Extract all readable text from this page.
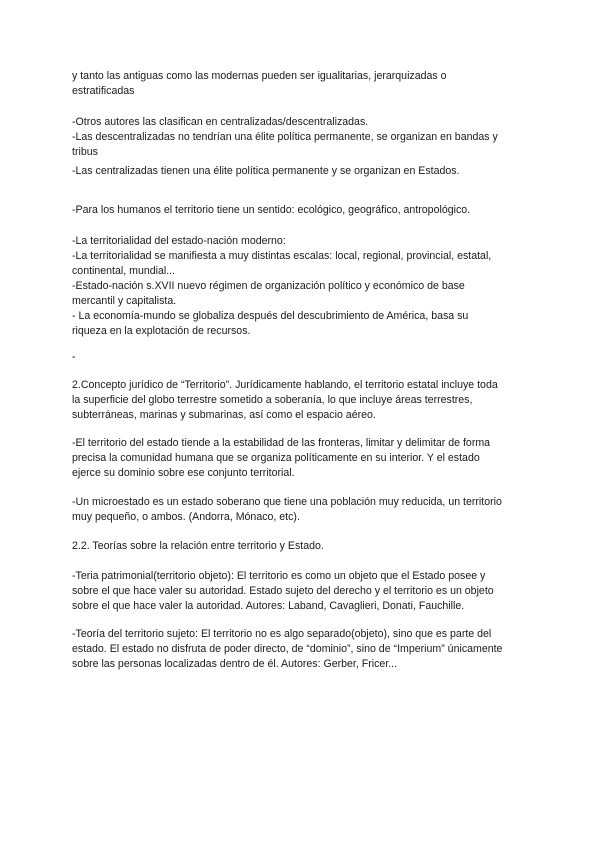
y tanto las antiguas como las modernas pueden ser igualitarias, jerarquizadas o
estratificadas
-Otros autores las clasifican en centralizadas/descentralizadas.
-Las descentralizadas no tendrían una élite política permanente, se organizan en bandas y
tribus
-Las centralizadas tienen una élite política permanente y se organizan en Estados.
-Para los humanos el territorio tiene un sentido: ecológico, geográfico, antropológico.
-La territorialidad del estado-nación moderno:
-La territorialidad se manifiesta a muy distintas escalas: local, regional, provincial, estatal,
continental, mundial...
-Estado-nación s.XVII nuevo régimen de organización político y económico de base
mercantil y capitalista.
- La economía-mundo se globaliza después del descubrimiento de América, basa su
riqueza en la explotación de recursos.
-
2.Concepto jurídico de “Territorio”. Jurídicamente hablando, el territorio estatal incluye toda
la superficie del globo terrestre sometido a soberanía, lo que incluye áreas terrestres,
subterráneas, marinas y submarinas, así como el espacio aéreo.
-El territorio del estado tiende a la estabilidad de las fronteras, limitar y delimitar de forma
precisa la comunidad humana que se organiza políticamente en su interior. Y el estado
ejerce su dominio sobre ese conjunto territorial.
-Un microestado es un estado soberano que tiene una población muy reducida, un territorio
muy pequeño, o ambos. (Andorra, Mónaco, etc).
2.2. Teorías sobre la relación entre territorio y Estado.
-Teria patrimonial(territorio objeto): El territorio es como un objeto que el Estado posee y
sobre el que hace valer su autoridad. Estado sujeto del derecho y el territorio es un objeto
sobre el que hace valer la autoridad. Autores: Laband, Cavaglieri, Donati, Fauchille.
-Teoría del territorio sujeto: El territorio no es algo separado(objeto), sino que es parte del
estado. El estado no disfruta de poder directo, de “dominio”, sino de “Imperium” únicamente
sobre las personas localizadas dentro de él. Autores: Gerber, Fricer...
